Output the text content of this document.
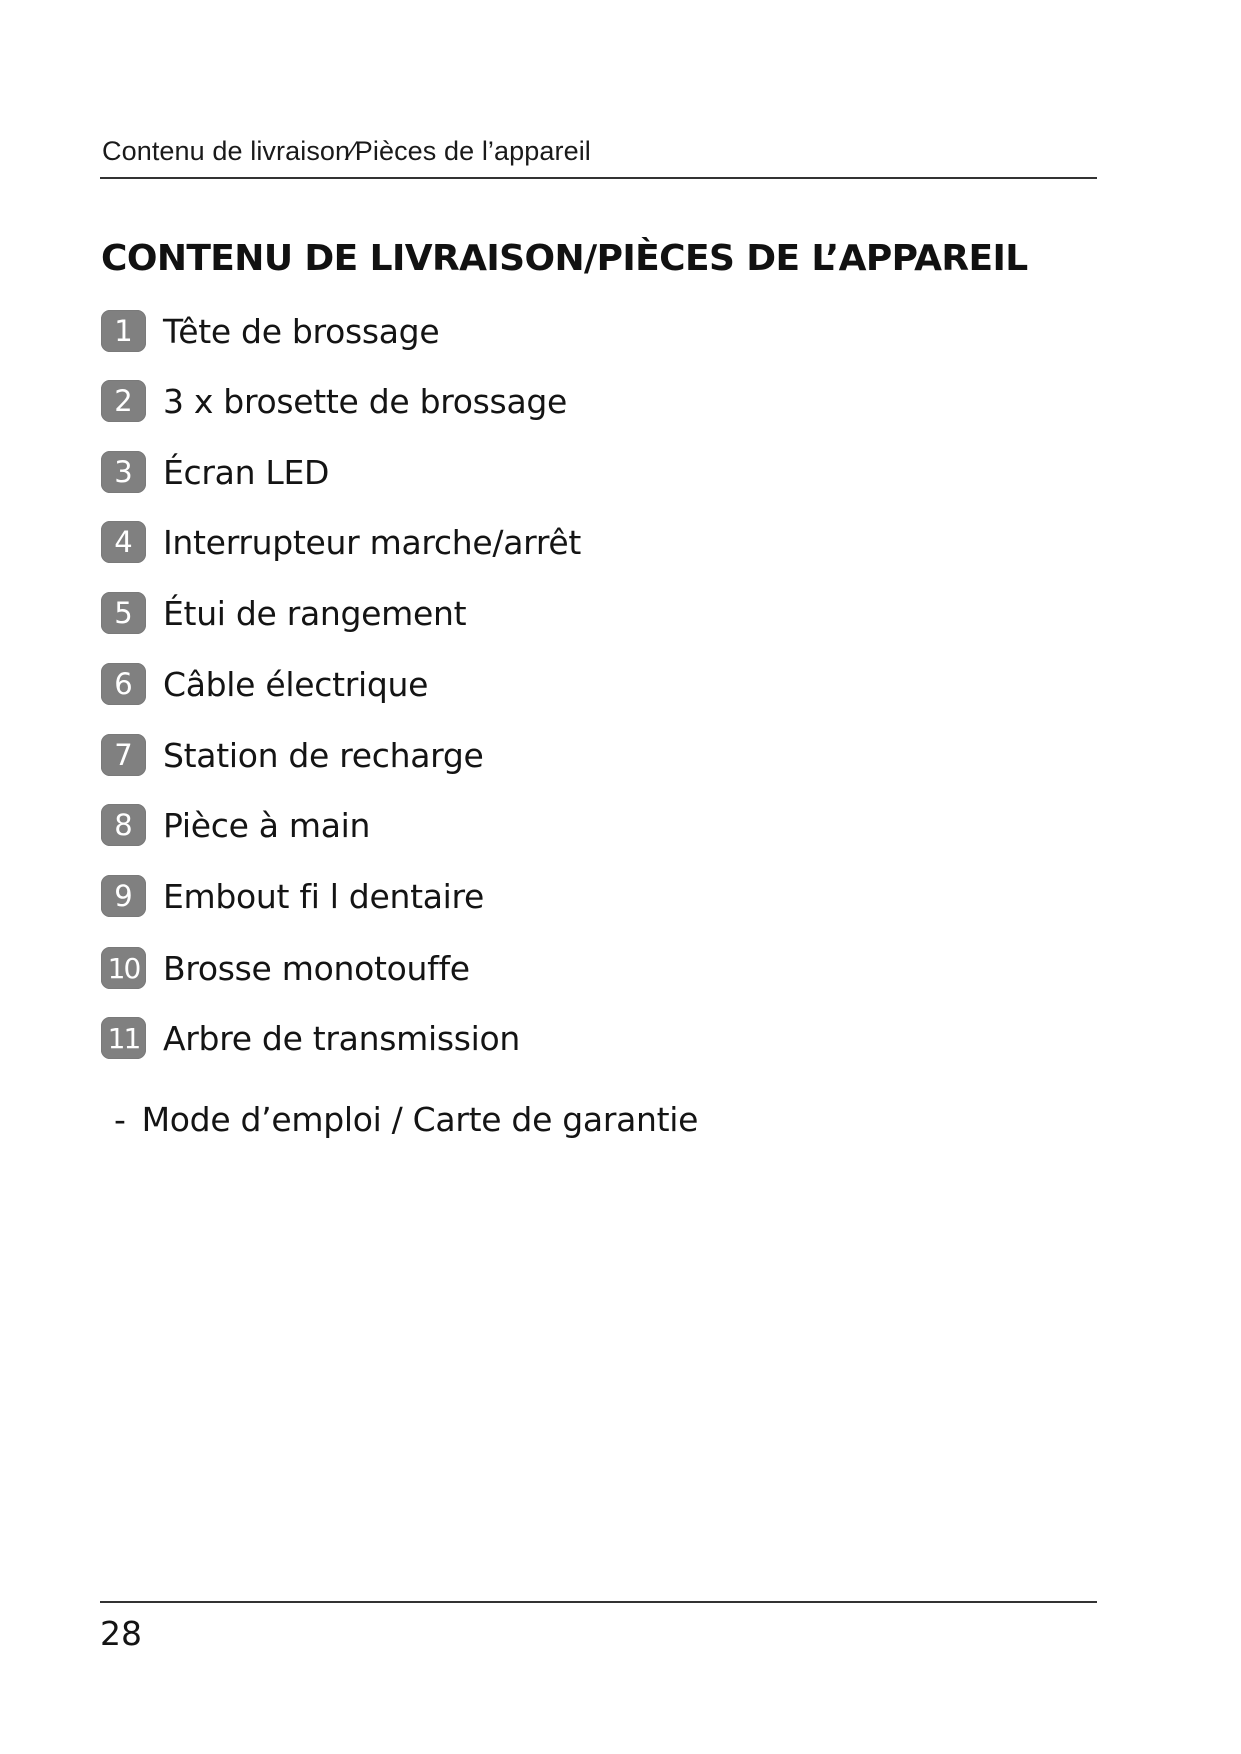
Contenu de livraison∕Pièces de l’appareil
CONTENU DE LIVRAISON/PIÈCES DE L’APPAREIL
1 Tête de brossage
2 3 x brosette de brossage
3 Écran LED
4 Interrupteur marche/arrêt
5 Étui de rangement
6 Câble électrique
7 Station de recharge
8 Pièce à main
9 Embout fi l dentaire
10 Brosse monotouffe
11 Arbre de transmission
- Mode d’emploi / Carte de garantie
28
